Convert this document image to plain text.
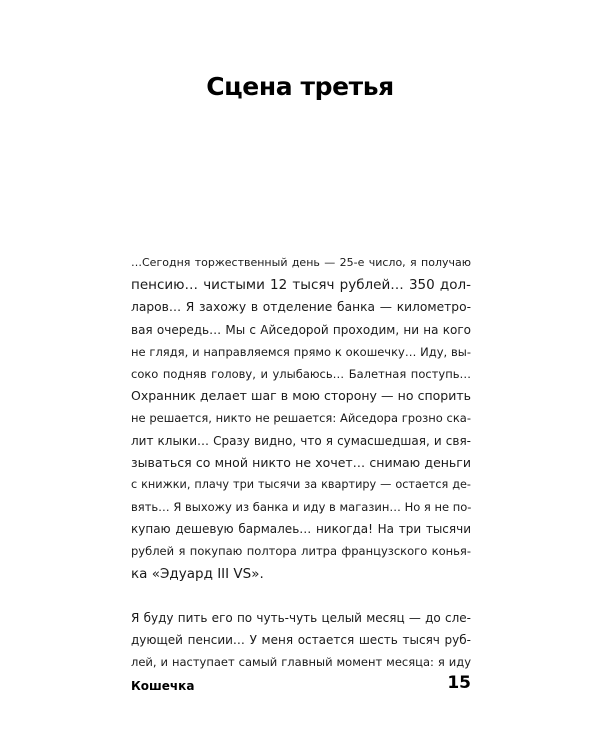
Сцена третья
…Сегодня торжественный день — 25-е число, я получаю
пенсию… чистыми 12 тысяч рублей… 350 дол-
ларов… Я захожу в отделение банка — километро-
вая очередь… Мы с Айседорой проходим, ни на кого
не глядя, и направляемся прямо к окошечку… Иду, вы-
соко подняв голову, и улыбаюсь… Балетная поступь…
Охранник делает шаг в мою сторону — но спорить
не решается, никто не решается: Айседора грозно ска-
лит клыки… Сразу видно, что я сумасшедшая, и свя-
зываться со мной никто не хочет… снимаю деньги
с книжки, плачу три тысячи за квартиру — остается де-
вять… Я выхожу из банка и иду в магазин… Но я не по-
купаю дешевую бармалеь… никогда! На три тысячи
рублей я покупаю полтора литра французского конья-
ка «Эдуард III VS».
Я буду пить его по чуть-чуть целый месяц — до сле-
дующей пенсии… У меня остается шесть тысяч руб-
лей, и наступает самый главный момент месяца: я иду
Кошечка	15
